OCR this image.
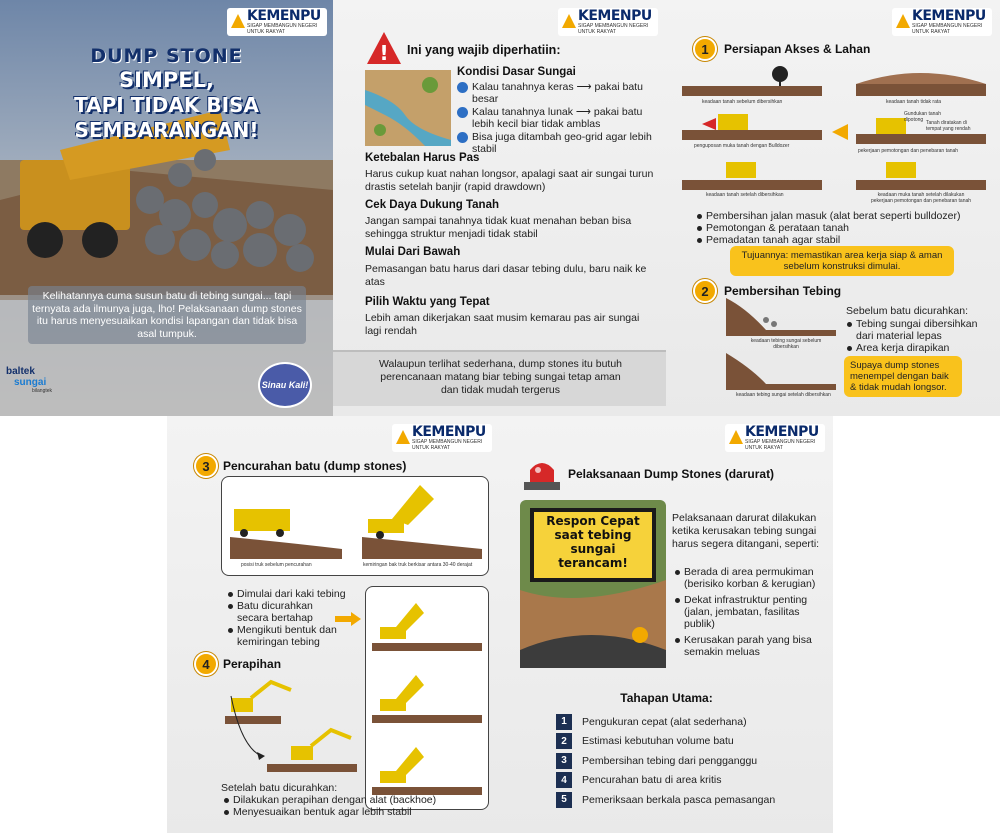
KEMENPU
SIGAP MEMBANGUN NEGERI UNTUK RAKYAT
DUMP STONE
SIMPEL,
TAPI TIDAK BISA
SEMBARANGAN!
Kelihatannya cuma susun batu di tebing sungai... tapi ternyata ada ilmunya juga, lho! Pelaksanaan dump stones itu harus menyesuaikan kondisi lapangan dan tidak bisa asal tumpuk.
baltek
sungai
bilangtek
Sinau Kali!
KEMENPU
SIGAP MEMBANGUN NEGERI UNTUK RAKYAT
! Ini yang wajib diperhatiin:
Kondisi Dasar Sungai
Kalau tanahnya keras ⟶ pakai batu besar
Kalau tanahnya lunak ⟶ pakai batu lebih kecil biar tidak amblas
Bisa juga ditambah geo-grid agar lebih stabil
Ketebalan Harus Pas
Harus cukup kuat nahan longsor, apalagi saat air sungai turun drastis setelah banjir (rapid drawdown)
Cek Daya Dukung Tanah
Jangan sampai tanahnya tidak kuat menahan beban bisa sehingga struktur menjadi tidak stabil
Mulai Dari Bawah
Pemasangan batu harus dari dasar tebing dulu, baru naik ke atas
Pilih Waktu yang Tepat
Lebih aman dikerjakan saat musim kemarau pas air sungai lagi rendah
Walaupun terlihat sederhana, dump stones itu butuh perencanaan matang biar tebing sungai tetap aman dan tidak mudah tergerus
KEMENPU
SIGAP MEMBANGUN NEGERI UNTUK RAKYAT
1	Persiapan Akses & Lahan
keadaan tanah sebelum dibersihkan	keadaan tanah tidak rata
penguposan muka tanah dengan Bulldozer
pekerjaan pemotongan dan penebaran tanah
Gundukan tanah dipotong Tanah diratakan di tempat yang rendah
keadaan tanah setelah dibersihkan	keadaan muka tanah setelah dilakukan pekerjaan pemotongan dan penebaran tanah
Pembersihan jalan masuk (alat berat seperti bulldozer)
Pemotongan & perataan tanah
Pemadatan tanah agar stabil
Tujuannya: memastikan area kerja siap & aman sebelum konstruksi dimulai.
2	Pembersihan Tebing
keadaan tebing sungai sebelum dibersihkan
keadaan tebing sungai setelah dibersihkan
Sebelum batu dicurahkan:
Tebing sungai dibersihkan dari material lepas
Area kerja dirapikan
Supaya dump stones menempel dengan baik & tidak mudah longsor.
KEMENPU
SIGAP MEMBANGUN NEGERI UNTUK RAKYAT
3	Pencurahan batu (dump stones)
posisi truk sebelum pencurahan	kemiringan bak truk berkisar antara 30-40 derajat
Dimulai dari kaki tebing
Batu dicurahkan secara bertahap
Mengikuti bentuk dan kemiringan tebing
4	Perapihan
Setelah batu dicurahkan:
Dilakukan perapihan dengan alat (backhoe)
Menyesuaikan bentuk agar lebih stabil
KEMENPU
SIGAP MEMBANGUN NEGERI UNTUK RAKYAT
Pelaksanaan Dump Stones (darurat)
Respon Cepat saat tebing sungai terancam!
Pelaksanaan darurat dilakukan ketika kerusakan tebing sungai harus segera ditangani, seperti:
Berada di area permukiman (berisiko korban & kerugian)
Dekat infrastruktur penting (jalan, jembatan, fasilitas publik)
Kerusakan parah yang bisa semakin meluas
Tahapan Utama:
1	Pengukuran cepat (alat sederhana)
2	Estimasi kebutuhan volume batu
3	Pembersihan tebing dari pengganggu
4	Pencurahan batu di area kritis
5	Pemeriksaan berkala pasca pemasangan
